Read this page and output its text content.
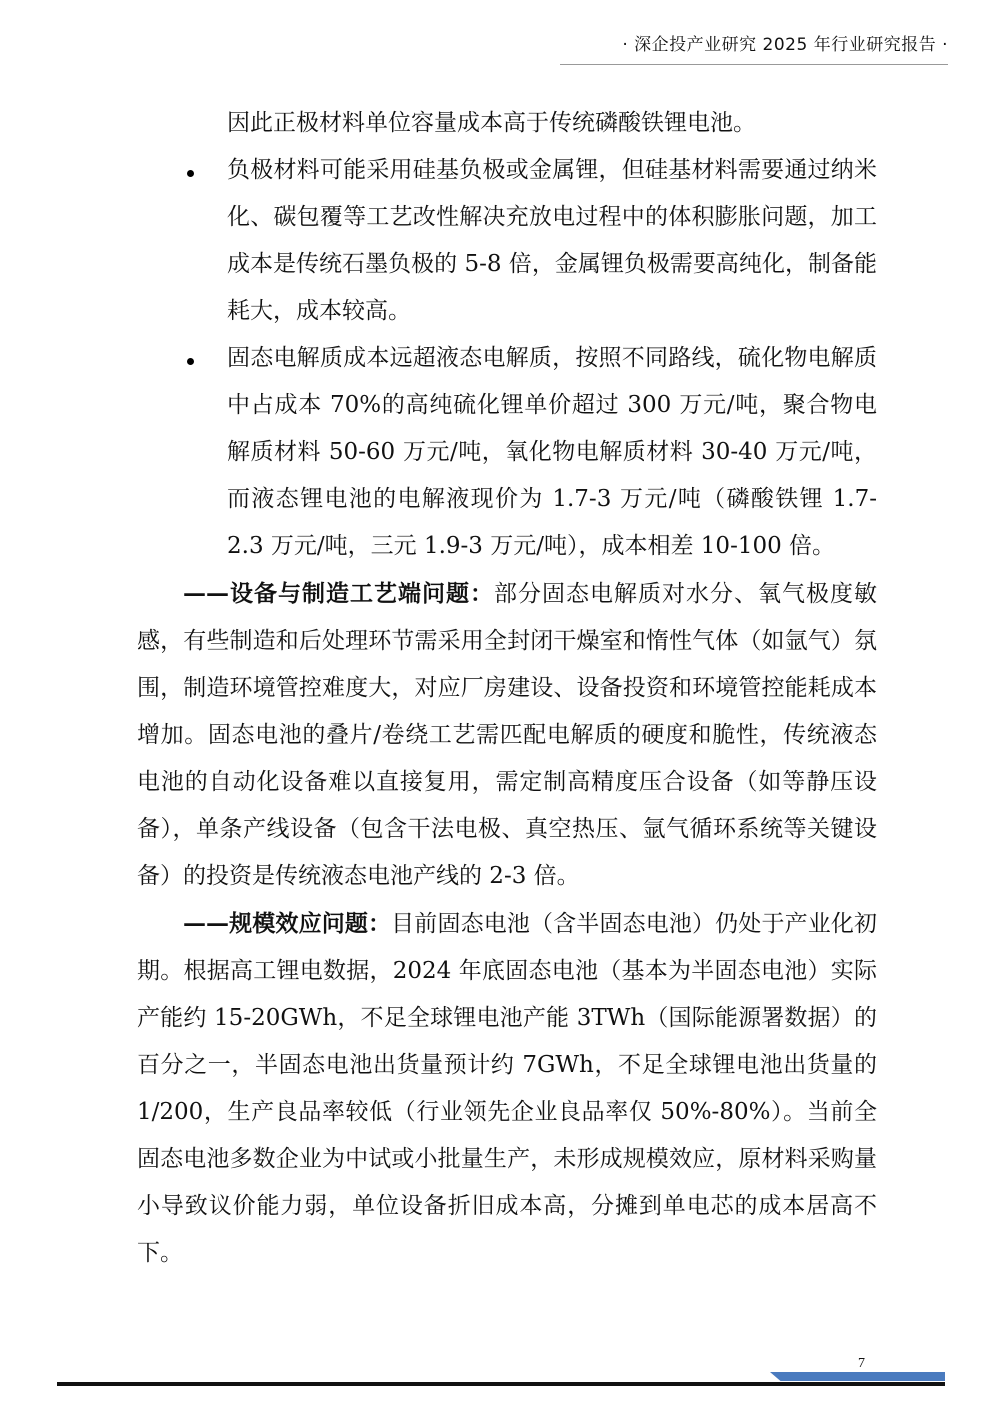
· 深企投产业研究 2025 年行业研究报告 ·

因此正极材料单位容量成本高于传统磷酸铁锂电池。

负极材料可能采用硅基负极或金属锂，但硅基材料需要通过纳米化、碳包覆等工艺改性解决充放电过程中的体积膨胀问题，加工成本是传统石墨负极的 5-8 倍，金属锂负极需要高纯化，制备能耗大，成本较高。

固态电解质成本远超液态电解质，按照不同路线，硫化物电解质中占成本 70%的高纯硫化锂单价超过 300 万元/吨，聚合物电解质材料 50-60 万元/吨，氧化物电解质材料 30-40 万元/吨，而液态锂电池的电解液现价为 1.7-3 万元/吨（磷酸铁锂 1.7-2.3 万元/吨，三元 1.9-3 万元/吨），成本相差 10-100 倍。

——设备与制造工艺端问题：部分固态电解质对水分、氧气极度敏感，有些制造和后处理环节需采用全封闭干燥室和惰性气体（如氩气）氛围，制造环境管控难度大，对应厂房建设、设备投资和环境管控能耗成本增加。固态电池的叠片/卷绕工艺需匹配电解质的硬度和脆性，传统液态电池的自动化设备难以直接复用，需定制高精度压合设备（如等静压设备），单条产线设备（包含干法电极、真空热压、氩气循环系统等关键设备）的投资是传统液态电池产线的 2-3 倍。

——规模效应问题：目前固态电池（含半固态电池）仍处于产业化初期。根据高工锂电数据，2024 年底固态电池（基本为半固态电池）实际产能约 15-20GWh，不足全球锂电池产能 3TWh（国际能源署数据）的百分之一，半固态电池出货量预计约 7GWh，不足全球锂电池出货量的 1/200，生产良品率较低（行业领先企业良品率仅 50%-80%）。当前全固态电池多数企业为中试或小批量生产，未形成规模效应，原材料采购量小导致议价能力弱，单位设备折旧成本高，分摊到单电芯的成本居高不下。

7
